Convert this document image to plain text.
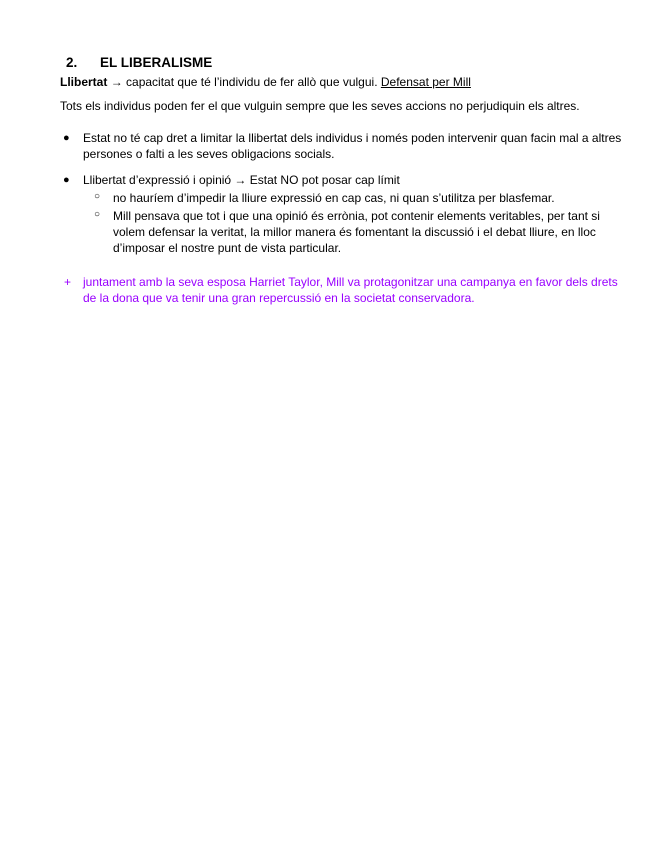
2.	EL LIBERALISME

Llibertat → capacitat que té l’individu de fer allò que vulgui. Defensat per Mill

Tots els individus poden fer el que vulguin sempre que les seves accions no perjudiquin els altres.

● Estat no té cap dret a limitar la llibertat dels individus i només poden intervenir quan facin mal a altres persones o falti a les seves obligacions socials.
● Llibertat d’expressió i opinió → Estat NO pot posar cap límit
○ no hauríem d’impedir la lliure expressió en cap cas, ni quan s’utilitza per blasfemar.
○ Mill pensava que tot i que una opinió és errònia, pot contenir elements veritables, per tant si volem defensar la veritat, la millor manera és fomentant la discussió i el debat lliure, en lloc d’imposar el nostre punt de vista particular.
+ juntament amb la seva esposa Harriet Taylor, Mill va protagonitzar una campanya en favor dels drets de la dona que va tenir una gran repercussió en la societat conservadora.
